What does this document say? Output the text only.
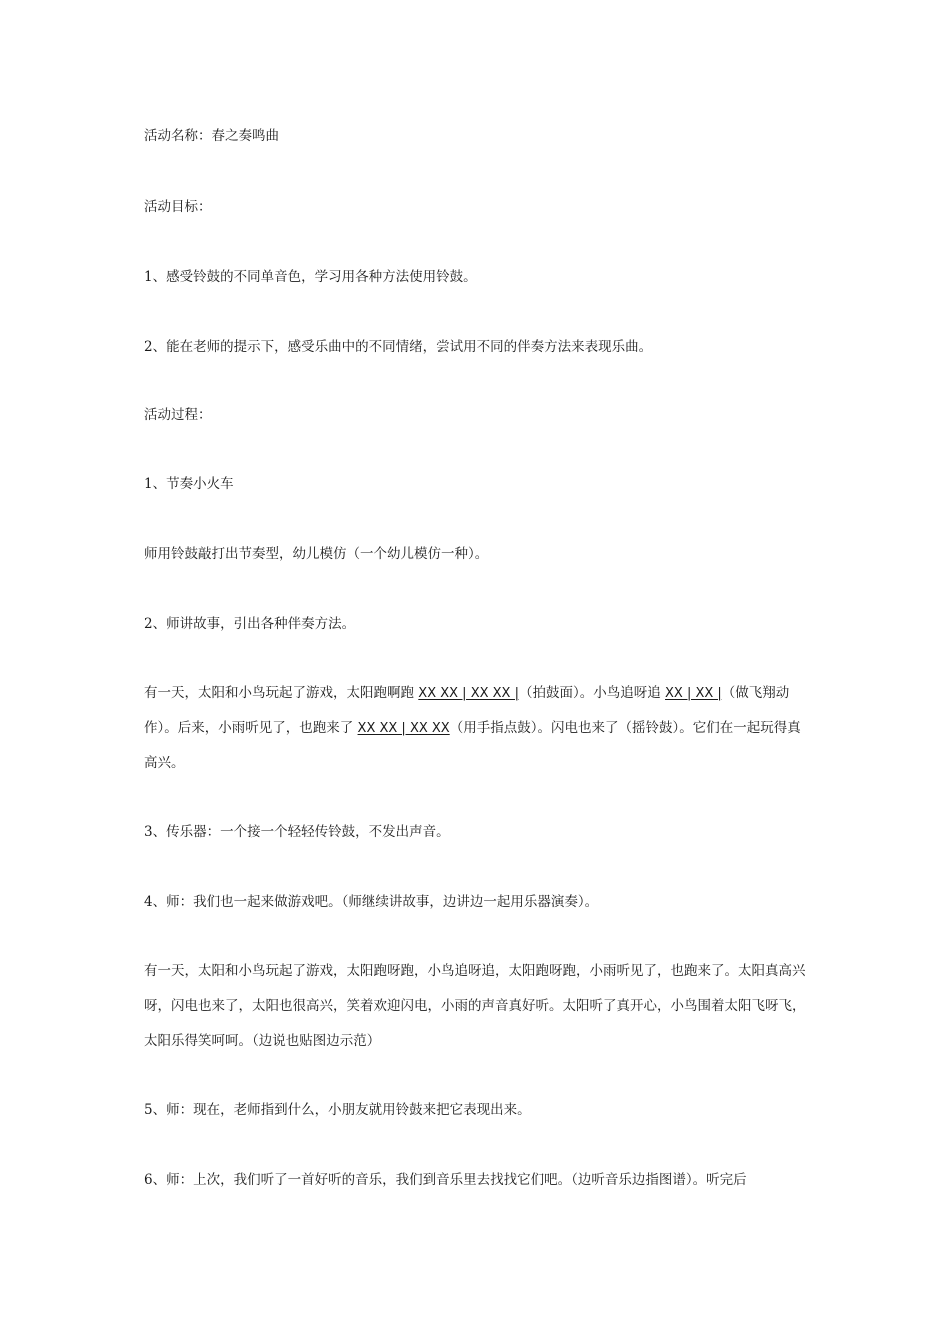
活动名称：春之奏鸣曲
活动目标：
1、感受铃鼓的不同单音色，学习用各种方法使用铃鼓。
2、能在老师的提示下，感受乐曲中的不同情绪，尝试用不同的伴奏方法来表现乐曲。
活动过程：
1、节奏小火车
师用铃鼓敲打出节奏型，幼儿模仿（一个幼儿模仿一种）。
2、师讲故事，引出各种伴奏方法。
有一天，太阳和小鸟玩起了游戏，太阳跑啊跑 XX XX | XX XX |（拍鼓面）。小鸟追呀追 XX | XX |（做飞翔动作）。后来，小雨听见了，也跑来了 XX XX | XX XX（用手指点鼓）。闪电也来了（摇铃鼓）。它们在一起玩得真高兴。
3、传乐器：一个接一个轻轻传铃鼓，不发出声音。
4、师：我们也一起来做游戏吧。（师继续讲故事，边讲边一起用乐器演奏）。
有一天，太阳和小鸟玩起了游戏，太阳跑呀跑，小鸟追呀追，太阳跑呀跑，小雨听见了，也跑来了。太阳真高兴呀，闪电也来了，太阳也很高兴，笑着欢迎闪电，小雨的声音真好听。太阳听了真开心，小鸟围着太阳飞呀飞，太阳乐得笑呵呵。（边说也贴图边示范）
5、师：现在，老师指到什么，小朋友就用铃鼓来把它表现出来。
6、师：上次，我们听了一首好听的音乐，我们到音乐里去找找它们吧。（边听音乐边指图谱）。听完后
